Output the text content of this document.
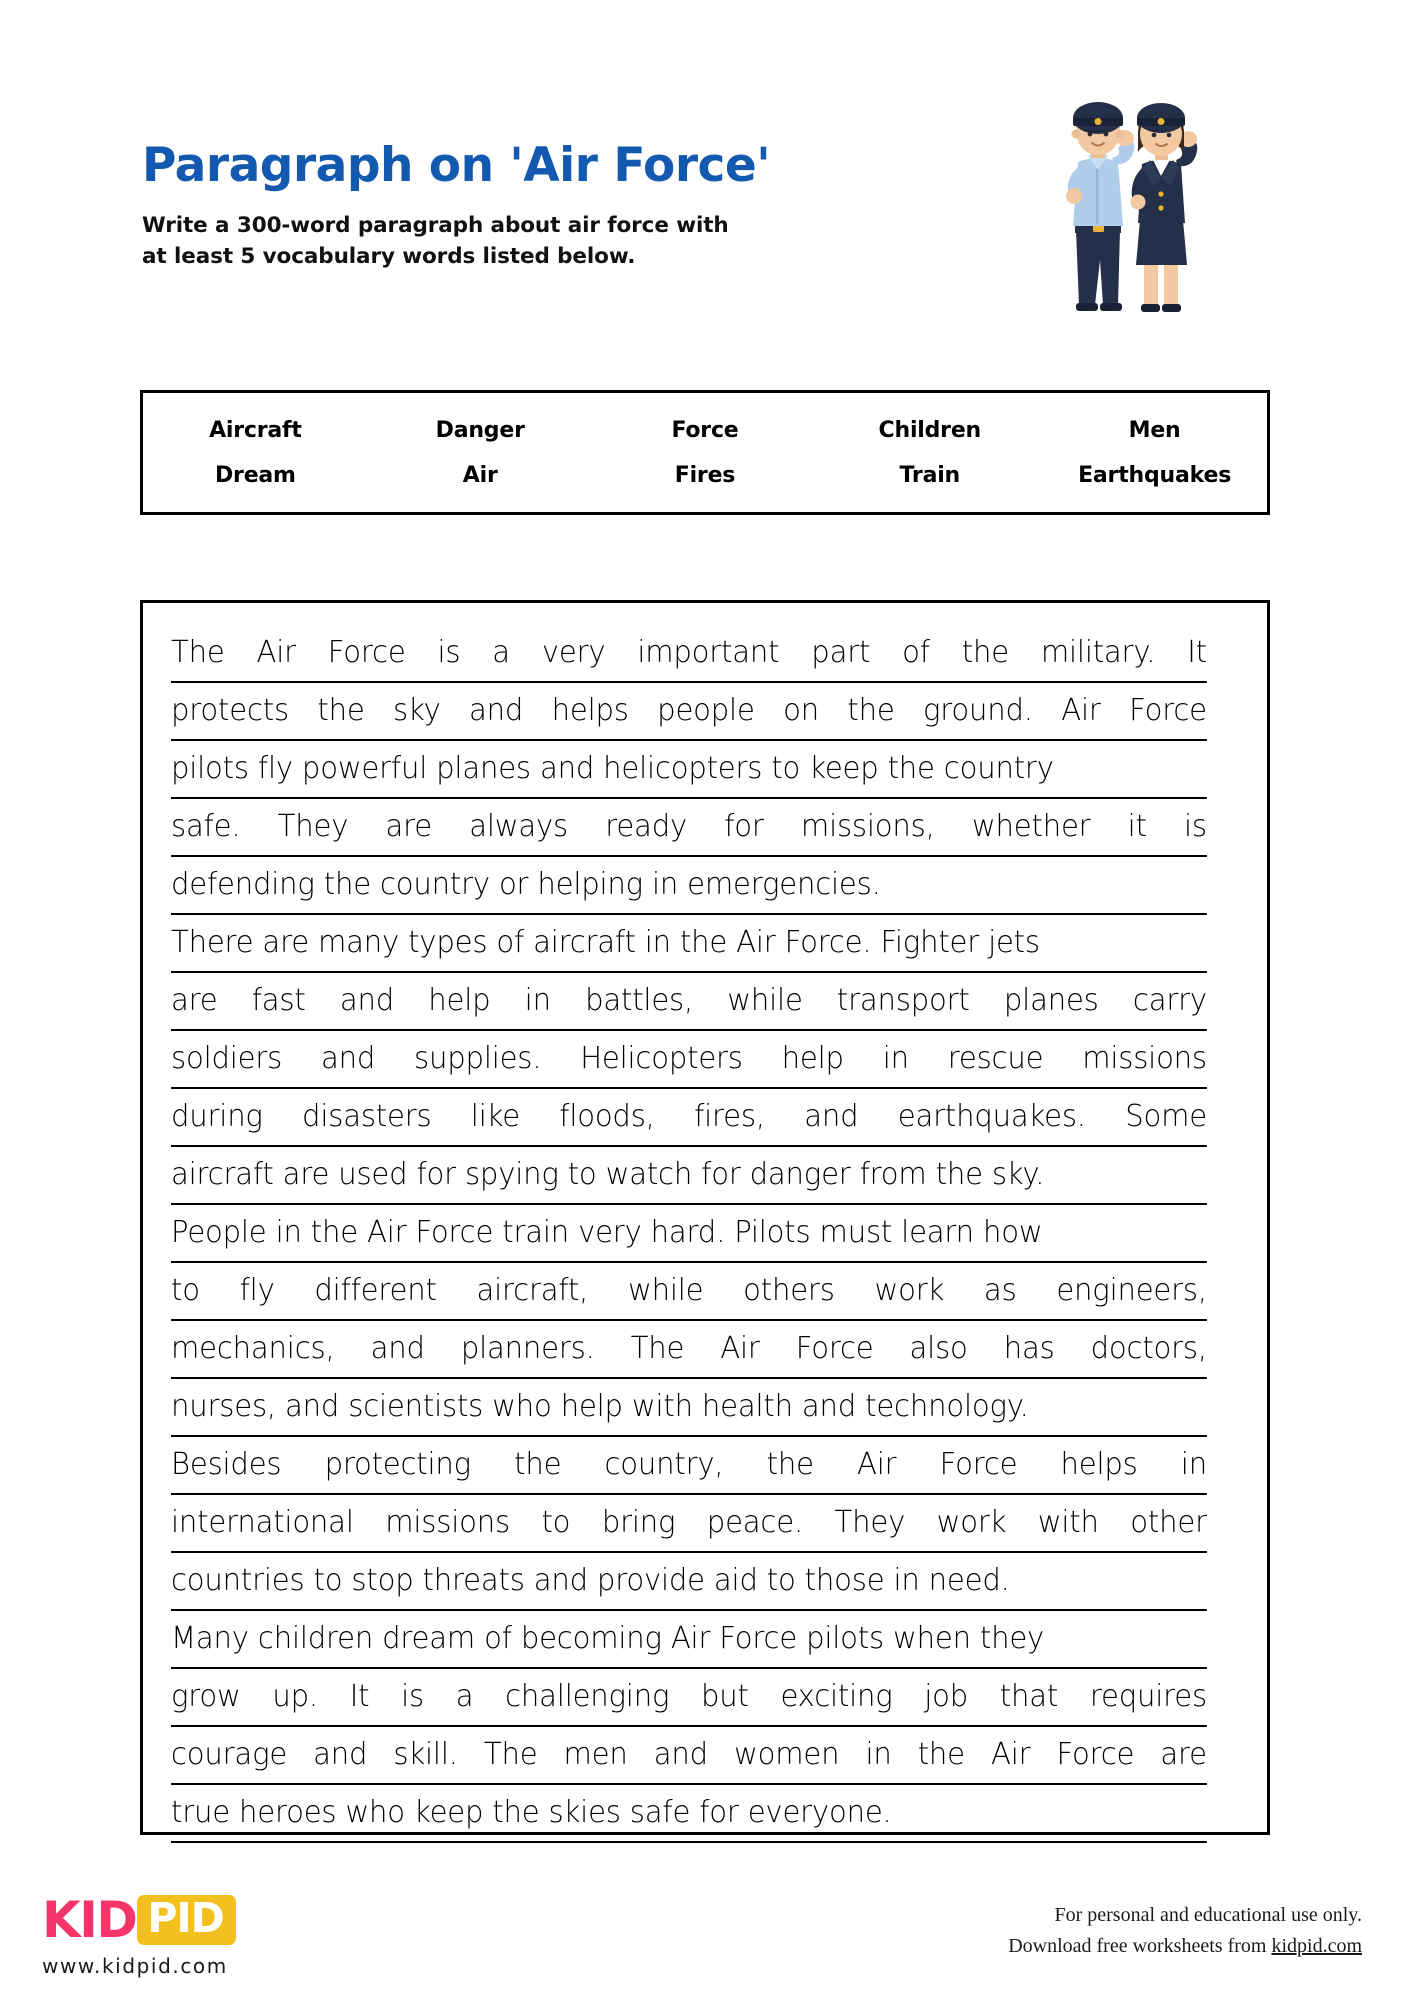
Paragraph on 'Air Force'

Write a 300-word paragraph about air force with
at least 5 vocabulary words listed below.

Aircraft	Danger	Force	Children	Men
Dream	Air	Fires	Train	Earthquakes
The Air Force is a very important part of the military. It
protects the sky and helps people on the ground. Air Force
pilots fly powerful planes and helicopters to keep the country
safe. They are always ready for missions, whether it is
defending the country or helping in emergencies.
There are many types of aircraft in the Air Force. Fighter jets
are fast and help in battles, while transport planes carry
soldiers and supplies. Helicopters help in rescue missions
during disasters like floods, fires, and earthquakes. Some
aircraft are used for spying to watch for danger from the sky.
People in the Air Force train very hard. Pilots must learn how
to fly different aircraft, while others work as engineers,
mechanics, and planners. The Air Force also has doctors,
nurses, and scientists who help with health and technology.
Besides protecting the country, the Air Force helps in
international missions to bring peace. They work with other
countries to stop threats and provide aid to those in need.
Many children dream of becoming Air Force pilots when they
grow up. It is a challenging but exciting job that requires
courage and skill. The men and women in the Air Force are
true heroes who keep the skies safe for everyone.
KID PID
www.kidpid.com
For personal and educational use only.
Download free worksheets from kidpid.com
